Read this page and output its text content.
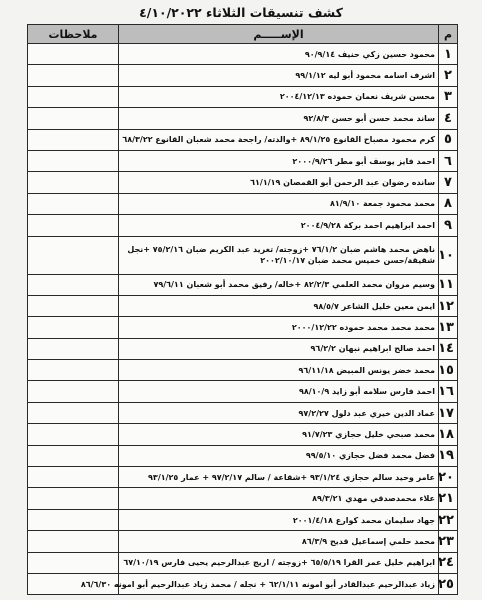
كشف تنسيقات الثلاثاء ٤/١٠/٢٠٢٢
م	الإســـــم	ملاحظات
١	محمود حسين زكي حنيف ٩٠/٩/١٤	
٢	اشرف اسامه محمود أبو ليه ٩٩/١/١٢	
٣	محسن شريف نعمان حموده ٢٠٠٤/١٢/١٣	
٤	ساند محمد حسن أبو حسن ٩٢/٨/٣	
٥	كرم محمود مصباح القانوع ٨٩/١/٢٥ +والدته/ راجحة محمد شعبان القانوع ٦٨/٣/٢٢	
٦	احمد فايز يوسف أبو مطر ٢٠٠٠/٩/٢٦	
٧	سانده رضوان عبد الرحمن أبو القمصان ٦١/١/١٩	
٨	محمد محمود جمعة ٨١/٩/١٠	
٩	احمد ابراهيم احمد بركة ٢٠٠٤/٩/٢٨	
١٠	ناهض محمد هاشم ضبان ٧٦/١/٢ +زوجته/ تغريد عبد الكريم ضبان ٧٥/٢/١٦ +نجل شقيقة/حسن خميس محمد ضبان ٢٠٠٢/١٠/١٧	
١١	وسيم مروان محمد العلمي ٨٢/٢/٣ +خاله/ رفيق محمد أبو شعبان ٧٩/٦/١١	
١٢	ايمن معين خليل الشاعر ٩٨/٥/٧	
١٣	محمد محمد محمد حموده ٢٠٠٠/١٢/٢٢	
١٤	احمد صالح ابراهيم نبهان ٩٦/٢/٢	
١٥	محمد خضر يونس المبيض ٩٦/١١/١٨	
١٦	احمد فارس سلامه أبو زايد ٩٨/١٠/٩	
١٧	عماد الدين خيري عبد دلول ٩٧/٢/٢٧	
١٨	محمد صبحي خليل حجازي ٩١/٧/٢٣	
١٩	فضل محمد فضل حجازي ٩٩/٥/١٠	
٢٠	عامر وحيد سالم حجازي ٩٣/١/٢٤ +شقاعة / سالم ٩٧/٢/١٧ + عمار ٩٣/١/٢٥	
٢١	علاء محمدصدقي مهدي ٨٩/٣/٢١	
٢٢	جهاد سليمان محمد كوارع ٢٠٠١/٤/١٨	
٢٣	محمد حلمي إسماعيل قديح ٨٦/٣/٩	
٢٤	ابراهيم خليل عمر القرا ٦٥/٥/١٩ +زوجته / اريج عبدالرحيم يحيى فارس ٦٧/١٠/١٩	
٢٥	زياد عبدالرحيم عبدالقادر أبو امونه ٦٢/١/١١ + نجله / محمد زياد عبدالرحيم أبو امونه ٨٦/٦/٣٠	
